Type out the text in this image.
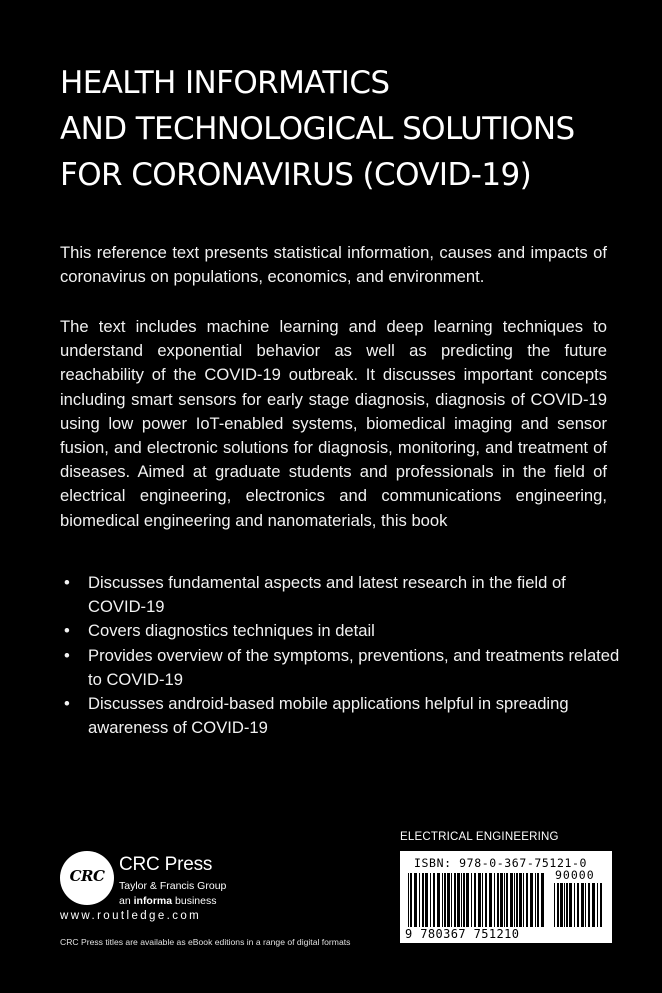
HEALTH INFORMATICS
AND TECHNOLOGICAL SOLUTIONS
FOR CORONAVIRUS (COVID-19)

This reference text presents statistical information, causes and impacts of coronavirus on populations, economics, and environment.

The text includes machine learning and deep learning techniques to understand exponential behavior as well as predicting the future reachability of the COVID-19 outbreak. It discusses important concepts including smart sensors for early stage diagnosis, diagnosis of COVID-19 using low power IoT-enabled systems, biomedical imaging and sensor fusion, and electronic solutions for diagnosis, monitoring, and treatment of diseases. Aimed at graduate students and professionals in the field of electrical engineering, electronics and communications engineering, biomedical engineering and nanomaterials, this book

• Discusses fundamental aspects and latest research in the field of COVID-19
• Covers diagnostics techniques in detail
• Provides overview of the symptoms, preventions, and treatments related to COVID-19
• Discusses android-based mobile applications helpful in spreading awareness of COVID-19
CRC
CRC Press
Taylor & Francis Group
an informa business
www.routledge.com
CRC Press titles are available as eBook editions in a range of digital formats
ELECTRICAL ENGINEERING
ISBN: 978-0-367-75121-0
90000
9 780367 751210
